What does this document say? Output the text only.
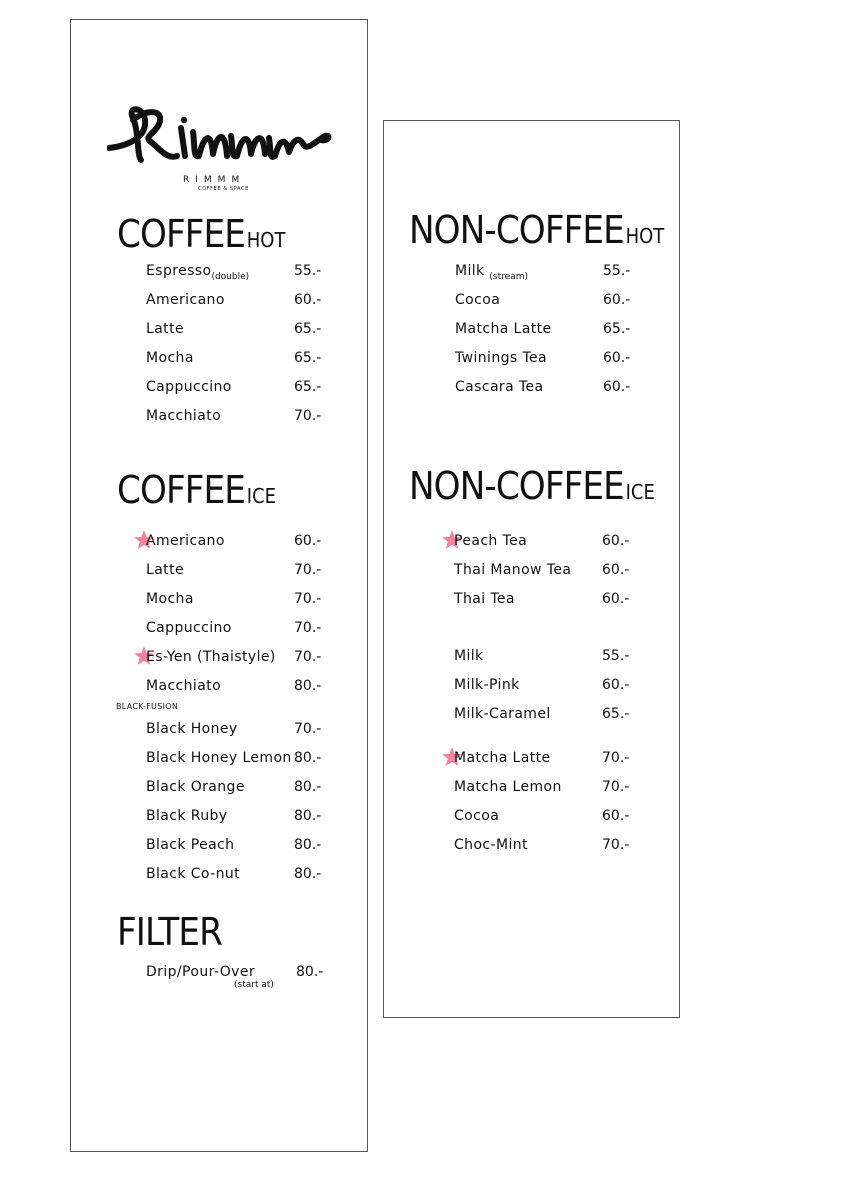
RIMMM
COFFEE & SPACE
COFFEEHOT
Espresso$_{(double)}$	55.-
Americano	60.-
Latte	65.-
Mocha	65.-
Cappuccino	65.-
Macchiato	70.-
COFFEEICE
Americano	60.-
Latte	70.-
Mocha	70.-
Cappuccino	70.-
Es-Yen (Thaistyle) 70.-
Macchiato	80.-
BLACK-FUSION
Black Honey	70.-
Black Honey Lemon 80.-
Black Orange	80.-
Black Ruby	80.-
Black Peach	80.-
Black Co-nut	80.-
FILTER
Drip/Pour-Over	80.-
(start at)
NON-COFFEEHOT
Milk $_{(stream)}$	55.-
Cocoa	60.-
Matcha Latte	65.-
Twinings Tea	60.-
Cascara Tea	60.-
NON-COFFEEICE
Peach Tea	60.-
Thai Manow Tea 60.-
Thai Tea	60.-
Milk	55.-
Milk-Pink	60.-
Milk-Caramel	65.-
Matcha Latte	70.-
Matcha Lemon	70.-
Cocoa	60.-
Choc-Mint	70.-
